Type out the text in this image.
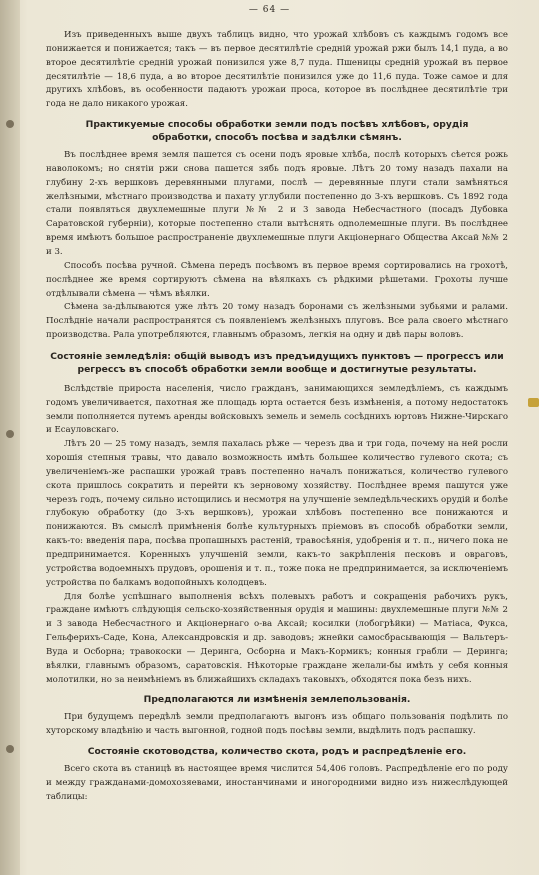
— 64 —

Изъ приведенныхъ выше двухъ таблицъ видно, что урожай хлѣбовъ съ каждымъ годомъ все понижается и понижается; такъ — въ первое десятилѣтіе средній урожай ржи былъ 14,1 пуда, а во второе десятилѣтіе средній урожай понизился уже 8,7 пуда. Пшеницы средній урожай въ первое десятилѣтіе — 18,6 пуда, а во второе десятилѣтіе понизился уже до 11,6 пуда. Тоже самое и для другихъ хлѣбовъ, въ особенности падаютъ урожаи проса, которое въ послѣднее десятилѣтіе три года не дало никакого урожая.

Практикуемые способы обработки земли подъ посѣвъ хлѣбовъ, орудія обработки, способъ посѣва и задѣлки сѣмянъ.

Въ послѣднее время земля пашется съ осени подъ яровые хлѣба, послѣ которыхъ сѣется рожь наволокомъ; но снятіи ржи снова пашется зябь подъ яровые. Лѣтъ 20 тому назадъ пахали на глубину 2-хъ вершковъ деревянными плугами, послѣ — деревянные плуги стали замѣняться желѣзными, мѣстнаго производства и пахату углубили постепенно до 3-хъ вершковъ. Съ 1892 года стали появляться двухлемешные плуги №№ 2 и 3 завода Небесчастного (посадъ Дубовка Саратовской губерніи), которые постепенно стали вытѣснять одnолемешные плуги. Въ послѣднее время имѣютъ большое распространеніе двухлемешные плуги Акціонернаго Общества Аксай №№ 2 и 3.

Способъ посѣва ручной. Сѣмена передъ посѣвомъ въ первое время сортировались на грохотѣ, послѣднее же время сортируютъ сѣмена на вѣялкахъ съ рѣдкими рѣшетами. Грохоты лучше отдѣлывали сѣмена — чѣмъ вѣялки.

Сѣмена за-дѣлываются уже лѣтъ 20 тому назадъ боронами съ желѣзными зубьями и ралами. Послѣдніе начали распространятся съ появленіемъ желѣзныхъ плуговъ. Все рала своего мѣстнаго производства. Рала употребляются, главнымъ образомъ, легкія на одну и двѣ пары воловъ.

Состояніе земледѣлія: общій выводъ изъ предъидущихъ пунктовъ — прогрессъ или регрессъ въ способѣ обработки земли вообще и достигнутые результаты.

Вслѣдствіе прироста населенія, число гражданъ, занимающихся земледѣліемъ, съ каждымъ годомъ увеличивается, пахотная же площадь юрта остается безъ измѣненія, а потому недостатокъ земли пополняется путемъ аренды войсковыхъ земель и земель сосѣднихъ юртовъ Нижне-Чирскаго и Есауловскаго.

Лѣтъ 20 — 25 тому назадъ, земля пахалась рѣже — черезъ два и три года, почему на ней росли хорошія степныя травы, что давало возможность имѣть большее количество гулевого скота; съ увеличеніемъ-же распашки урожай травъ постепенно началъ понижаться, количество гулевого скота пришлось сократить и перейти къ зерновому хозяйству. Послѣднее время пашутся уже черезъ годъ, почему сильно истощились и несмотря на улучшеніе земледѣльческихъ орудій и болѣе глубокую обработку (до 3-хъ вершковъ), урожаи хлѣбовъ постепенно все понижаются и понижаются. Въ смыслѣ примѣненія болѣе культурныхъ пріемовъ въ способѣ обработки земли, какъ-то: введенія пара, посѣва пропашныхъ растеній, травосѣянія, удобренія и т. п., ничего пока не предпринимается. Коренныхъ улучшеній земли, какъ-то закрѣпленія песковъ и овраговъ, устройства водоемныхъ прудовъ, орошенія и т. п., тоже пока не предпринимается, за исключеніемъ устройства по балкамъ водопойныхъ колодцевъ.

Для болѣе успѣшнаго выполненія всѣхъ полевыхъ работъ и сокращенія рабочихъ рукъ, граждане имѣютъ слѣдующія сельско-хозяйственныя орудія и машины: двухлемешные плуги №№ 2 и 3 завода Небесчастного и Акціонернаго о-ва Аксай; косилки (лобогрѣйки) — Матіаса, Фукса, Гельферихъ-Саде, Кона, Александровскія и др. заводовъ; жнейки самосбрасывающія — Вальтеръ-Вуда и Осборна; травокоски — Деринга, Осборна и Макъ-Кормикъ; конныя грабли — Деринга; вѣялки, главнымъ образомъ, саратовскія. Нѣкоторые граждане желали-бы имѣть у себя конныя молотилки, но за неимѣніемъ въ ближайшихъ складахъ таковыхъ, обходятся пока безъ нихъ.

Предполагаются ли измѣненія землепользованія.

При будущемъ передѣлѣ земли предполагаютъ выгонъ изъ общаго пользованія подѣлить по хуторскому владѣнію и часть выгонной, годной подъ посѣвы земли, выдѣлить подъ распашку.

Состояніе скотоводства, количество скота, родъ и распредѣленіе его.

Всего скота въ станицѣ въ настоящее время числится 54,406 головъ. Распредѣленіе его по роду и между гражданами-домохозяевами, иностанчинами и иногородними видно изъ нижеслѣдующей таблицы:
